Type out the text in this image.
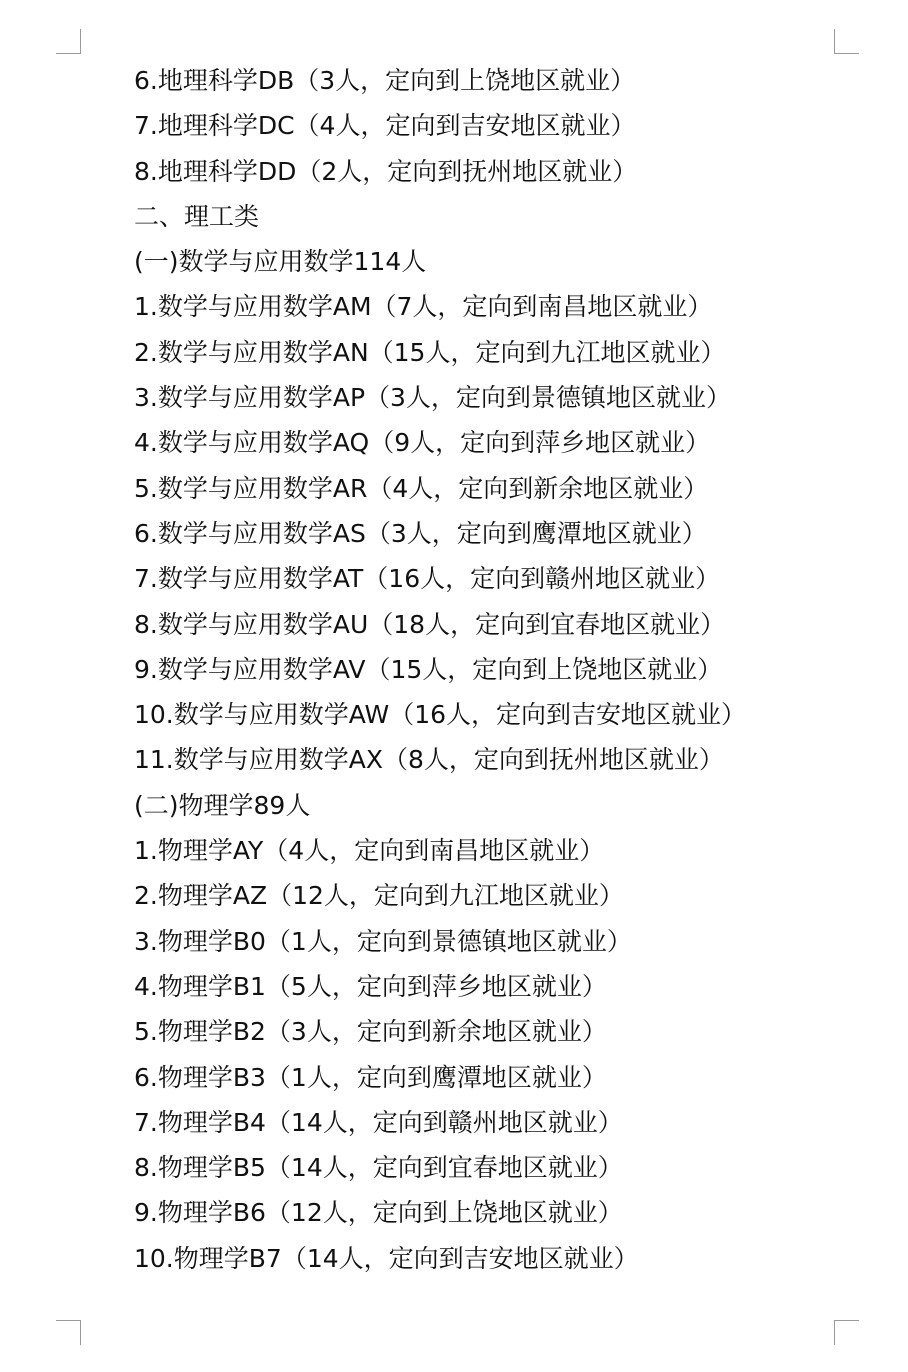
6.地理科学DB（3人，定向到上饶地区就业）
7.地理科学DC（4人，定向到吉安地区就业）
8.地理科学DD（2人，定向到抚州地区就业）
二、理工类
(一)数学与应用数学114人
1.数学与应用数学AM（7人，定向到南昌地区就业）
2.数学与应用数学AN（15人，定向到九江地区就业）
3.数学与应用数学AP（3人，定向到景德镇地区就业）
4.数学与应用数学AQ（9人，定向到萍乡地区就业）
5.数学与应用数学AR（4人，定向到新余地区就业）
6.数学与应用数学AS（3人，定向到鹰潭地区就业）
7.数学与应用数学AT（16人，定向到赣州地区就业）
8.数学与应用数学AU（18人，定向到宜春地区就业）
9.数学与应用数学AV（15人，定向到上饶地区就业）
10.数学与应用数学AW（16人，定向到吉安地区就业）
11.数学与应用数学AX（8人，定向到抚州地区就业）
(二)物理学89人
1.物理学AY（4人，定向到南昌地区就业）
2.物理学AZ（12人，定向到九江地区就业）
3.物理学B0（1人，定向到景德镇地区就业）
4.物理学B1（5人，定向到萍乡地区就业）
5.物理学B2（3人，定向到新余地区就业）
6.物理学B3（1人，定向到鹰潭地区就业）
7.物理学B4（14人，定向到赣州地区就业）
8.物理学B5（14人，定向到宜春地区就业）
9.物理学B6（12人，定向到上饶地区就业）
10.物理学B7（14人，定向到吉安地区就业）
